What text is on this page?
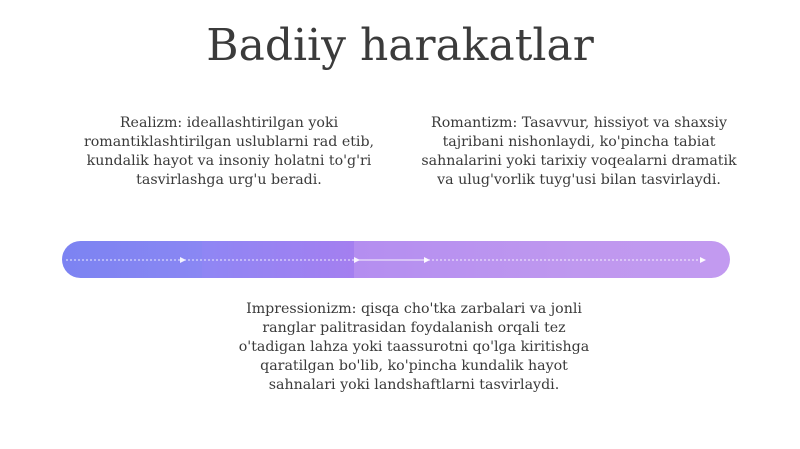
Badiiy harakatlar

Realizm: ideallashtirilgan yoki romantiklashtirilgan uslublarni rad etib, kundalik hayot va insoniy holatni to'g'ri tasvirlashga urg'u beradi.

Romantizm: Tasavvur, hissiyot va shaxsiy tajribani nishonlaydi, ko'pincha tabiat sahnalarini yoki tarixiy voqealarni dramatik va ulug'vorlik tuyg'usi bilan tasvirlaydi.

Impressionizm: qisqa cho'tka zarbalari va jonli ranglar palitrasidan foydalanish orqali tez o'tadigan lahza yoki taassurotni qo'lga kiritishga qaratilgan bo'lib, ko'pincha kundalik hayot sahnalari yoki landshaftlarni tasvirlaydi.
